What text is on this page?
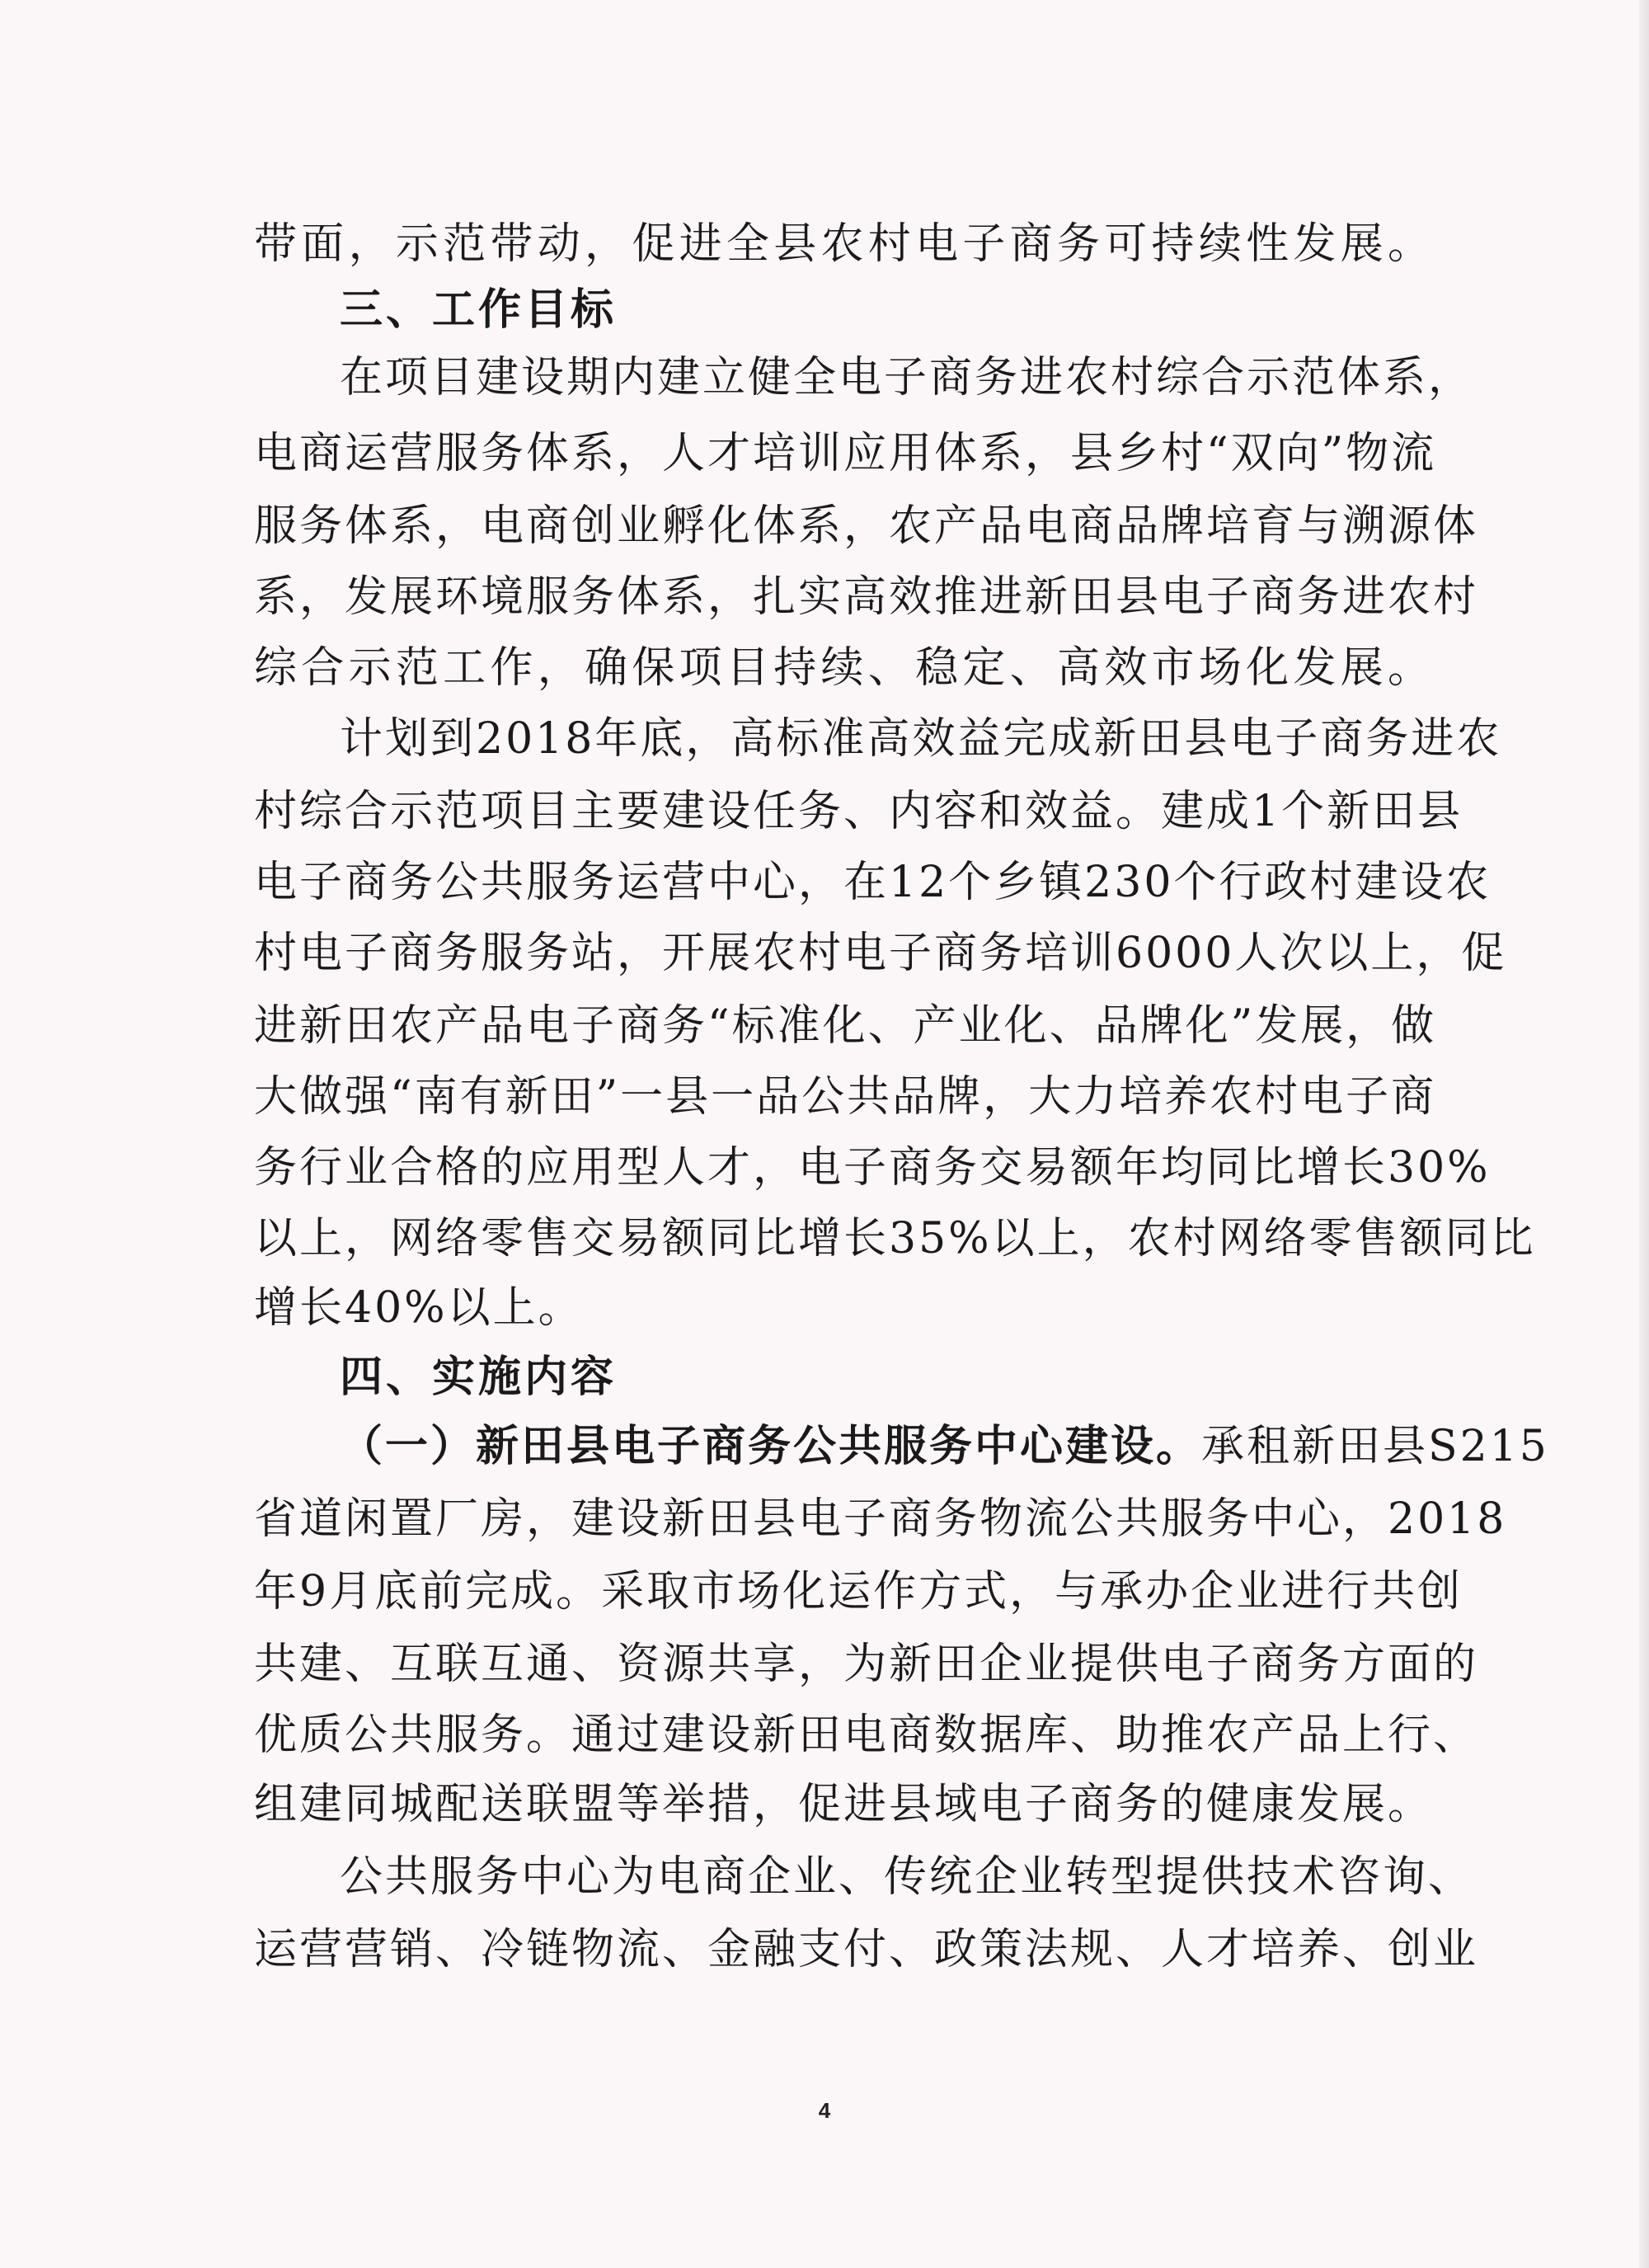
带面，示范带动，促进全县农村电子商务可持续性发展。
三、工作目标
在项目建设期内建立健全电子商务进农村综合示范体系，
电商运营服务体系，人才培训应用体系，县乡村“双向”物流
服务体系，电商创业孵化体系，农产品电商品牌培育与溯源体
系，发展环境服务体系，扎实高效推进新田县电子商务进农村
综合示范工作，确保项目持续、稳定、高效市场化发展。
计划到2018年底，高标准高效益完成新田县电子商务进农
村综合示范项目主要建设任务、内容和效益。建成1个新田县
电子商务公共服务运营中心，在12个乡镇230个行政村建设农
村电子商务服务站，开展农村电子商务培训6000人次以上，促
进新田农产品电子商务“标准化、产业化、品牌化”发展，做
大做强“南有新田”一县一品公共品牌，大力培养农村电子商
务行业合格的应用型人才，电子商务交易额年均同比增长30%
以上，网络零售交易额同比增长35%以上，农村网络零售额同比
增长40%以上。
四、实施内容
（一）新田县电子商务公共服务中心建设。承租新田县S215
省道闲置厂房，建设新田县电子商务物流公共服务中心，2018
年9月底前完成。采取市场化运作方式，与承办企业进行共创
共建、互联互通、资源共享，为新田企业提供电子商务方面的
优质公共服务。通过建设新田电商数据库、助推农产品上行、
组建同城配送联盟等举措，促进县域电子商务的健康发展。
公共服务中心为电商企业、传统企业转型提供技术咨询、
运营营销、冷链物流、金融支付、政策法规、人才培养、创业
4
